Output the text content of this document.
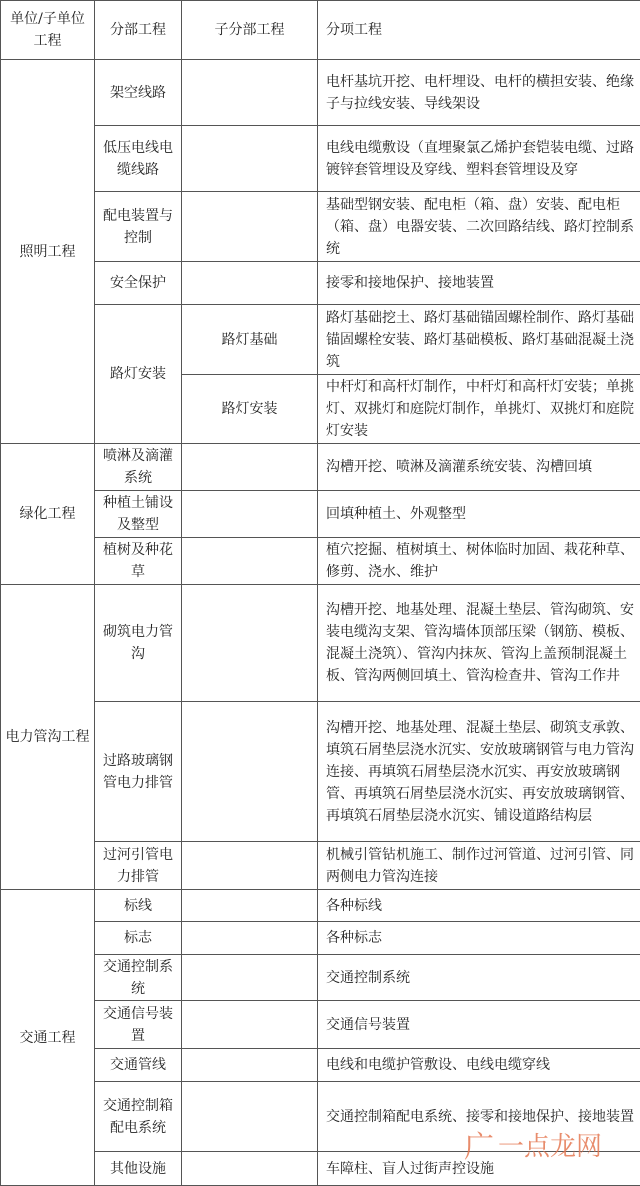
单位/子单位工程	分部工程	子分部工程	分项工程
照明工程	架空线路		电杆基坑开挖、电杆埋设、电杆的横担安装、绝缘子与拉线安装、导线架设
	低压电线电缆线路		电线电缆敷设（直埋聚氯乙烯护套铠装电缆、过路镀锌套管埋设及穿线、塑料套管埋设及穿
	配电装置与控制		基础型钢安装、配电柜（箱、盘）安装、配电柜（箱、盘）电器安装、二次回路结线、路灯控制系统
	安全保护		接零和接地保护、接地装置
	路灯安装	路灯基础	路灯基础挖土、路灯基础锚固螺栓制作、路灯基础锚固螺栓安装、路灯基础模板、路灯基础混凝土浇筑
		路灯安装	中杆灯和高杆灯制作，中杆灯和高杆灯安装；单挑灯、双挑灯和庭院灯制作，单挑灯、双挑灯和庭院灯安装
绿化工程	喷淋及滴灌系统		沟槽开挖、喷淋及滴灌系统安装、沟槽回填
	种植土铺设及整型		回填种植土、外观整型
	植树及种花草		植穴挖掘、植树填土、树体临时加固、栽花种草、修剪、浇水、维护
电力管沟工程	砌筑电力管沟		沟槽开挖、地基处理、混凝土垫层、管沟砌筑、安装电缆沟支架、管沟墙体顶部压梁（钢筋、模板、混凝土浇筑）、管沟内抹灰、管沟上盖预制混凝土板、管沟两侧回填土、管沟检查井、管沟工作井
	过路玻璃钢管电力排管		沟槽开挖、地基处理、混凝土垫层、砌筑支承敦、填筑石屑垫层浇水沉实、安放玻璃钢管与电力管沟连接、再填筑石屑垫层浇水沉实、再安放玻璃钢管、再填筑石屑垫层浇水沉实、再安放玻璃钢管、再填筑石屑垫层浇水沉实、铺设道路结构层
	过河引管电力排管		机械引管钻机施工、制作过河管道、过河引管、同两侧电力管沟连接
交通工程	标线		各种标线
	标志		各种标志
	交通控制系统		交通控制系统
	交通信号装置		交通信号装置
	交通管线		电线和电缆护管敷设、电线电缆穿线
	交通控制箱配电系统		交通控制箱配电系统、接零和接地保护、接地装置
	其他设施		车障柱、盲人过街声控设施
广 一点龙网
